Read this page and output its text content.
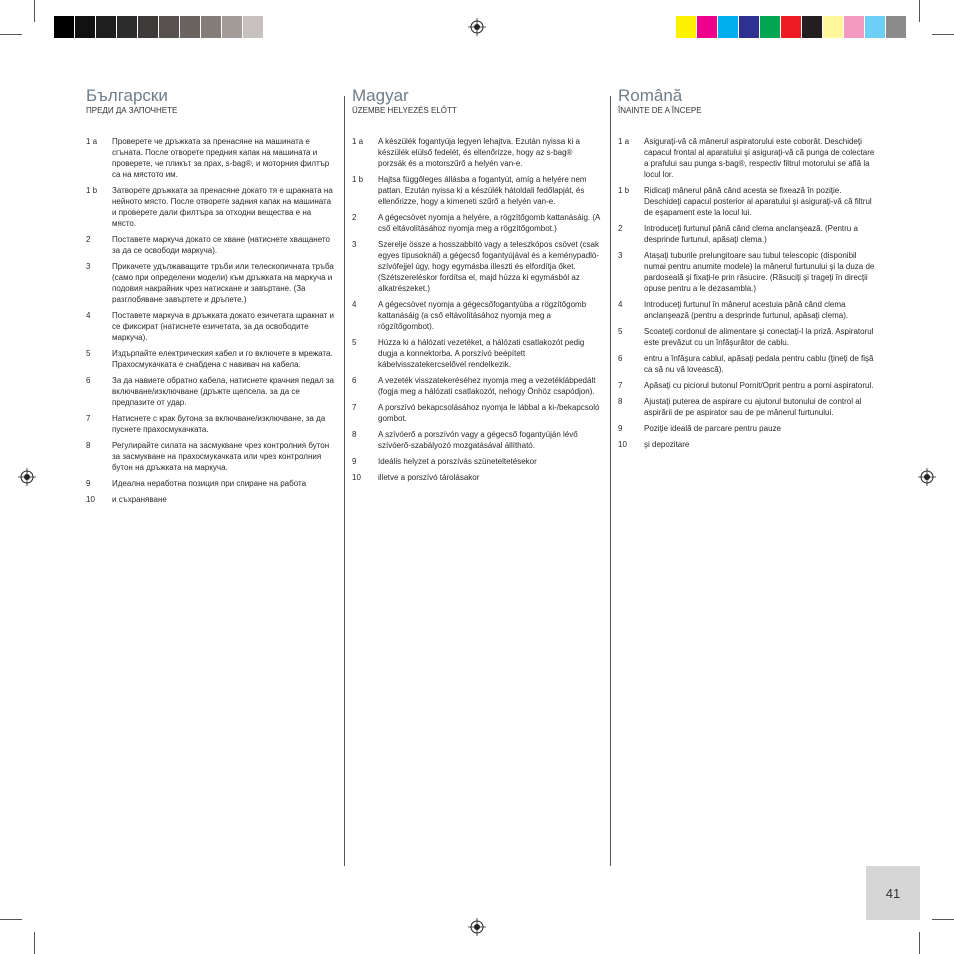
Български

ПРЕДИ ДА ЗАПОЧНЕТЕ

1 a	Проверете че дръжката за пренасяне на машината е сгъната. После отворете предния капак на машината и проверете, че пликът за прах, s-bag®, и моторния филтър са на мястото им.
1 b	Затворете дръжката за пренасяне докато тя е щракната на нейното място. После отворете задния капак на машината и проверете дали филтъра за отходни вещества е на място.
2	Поставете маркуча докато се хване (натиснете хващането за да се освободи маркуча).
3	Прикачете удължаващите тръби или телескопичната тръба (само при определени модели) към дръжката на маркуча и подовия накрайник чрез натискане и завъртане. (За разглобяване завъртете и дръпете.)
4	Поставете маркуча в дръжката докато езичетата щракнат и се фиксират (натиснете езичетата, за да освободите маркуча).
5	Издърпайте електрическия кабел и го включете в мрежата. Прахосмукачката е снабдена с навивач на кабела.
6	За да навиете обратно кабела, натиснете крачния педал за включване/изключване (дръжте щепсела. за да се предпазите от удар.
7	Натиснете с крак бутона за включване/изключване, за да пуснете прахосмукачката.
8	Регулирайте силата на засмукване чрез контролния бутон за засмукване на прахосмукачката или чрез контролния бутон на дръжката на маркуча.
9	Идеална неработна позиция при спиране на работа
10	и съхраняване
Magyar

ÜZEMBE HELYEZÉS ELŐTT

1 a	A készülék fogantyúja legyen lehajtva. Ezután nyissa ki a készülék elülső fedelét, és ellenőrizze, hogy az s-bag® porzsák és a motorszűrő a helyén van-e.
1 b	Hajtsa függőleges állásba a fogantyút, amíg a helyére nem pattan. Ezután nyissa ki a készülék hátoldali fedőlapját, és ellenőrizze, hogy a kimeneti szűrő a helyén van-e.
2	A gégecsövet nyomja a helyére, a rögzítőgomb kattanásáig. (A cső eltávolításához nyomja meg a rögzítőgombot.)
3	Szerelje össze a hosszabbító vagy a teleszkópos csövet (csak egyes típusoknál) a gégecső fogantyújával és a keménypadló-szívófejjel úgy, hogy egymásba illeszti és elfordítja őket. (Szétszereléskor fordítsa el, majd húzza ki egymásból az alkatrészeket.)
4	A gégecsövet nyomja a gégecsőfogantyúba a rögzítőgomb kattanásáig (a cső eltávolításához nyomja meg a rögzítőgombot).
5	Húzza ki a hálózati vezetéket, a hálózati csatlakozót pedig dugja a konnektorba. A porszívó beépített kábelvisszatekercselővel rendelkezik.
6	A vezeték visszatekeréséhez nyomja meg a vezetéklábpedált (fogja meg a hálózati csatlakozót, nehogy Önhöz csapódjon).
7	A porszívó bekapcsolásához nyomja le lábbal a ki-/bekapcsoló gombot.
8	A szívóerő a porszívón vagy a gégecső fogantyúján lévő szívóerő-szabályozó mozgatásával állítható.
9	Ideális helyzet a porszívás szüneteltetésekor
10	illetve a porszívó tárolásakor
Română

ÎNAINTE DE A ÎNCEPE

1 a	Asiguraţi-vă că mânerul aspiratorului este coborât. Deschideţi capacul frontal al aparatului şi asiguraţi-vă că punga de colectare a prafului sau punga s-bag®, respectiv filtrul motorului se află la locul lor.
1 b	Ridicaţi mânerul până când acesta se fixează în poziţie. Deschideţi capacul posterior al aparatului şi asiguraţi-vă că filtrul de eşapament este la locul lui.
2	Introduceţi furtunul până când clema anclanşează. (Pentru a desprinde furtunul, apăsaţi clema.)
3	Ataşaţi tuburile prelungitoare sau tubul telescopic (disponibil numai pentru anumite modele) la mânerul furtunului şi la duza de pardoseală şi fixaţi-le prin răsucire. (Răsuciţi şi trageţi în direcţii opuse pentru a le dezasambla.)
4	Introduceţi furtunul în mânerul acestuia până când clema anclanşează (pentru a desprinde furtunul, apăsaţi clema).
5	Scoateţi cordonul de alimentare şi conectaţi-l la priză. Aspiratorul este prevăzut cu un înfăşurător de cablu.
6	entru a înfăşura cablul, apăsaţi pedala pentru cablu (ţineţi de fişă ca să nu vă lovească).
7	Apăsaţi cu piciorul butonul Pornit/Oprit pentru a porni aspiratorul.
8	Ajustaţi puterea de aspirare cu ajutorul butonului de control al aspirării de pe aspirator sau de pe mânerul furtunului.
9	Poziţie ideală de parcare pentru pauze
10	şi depozitare
41
